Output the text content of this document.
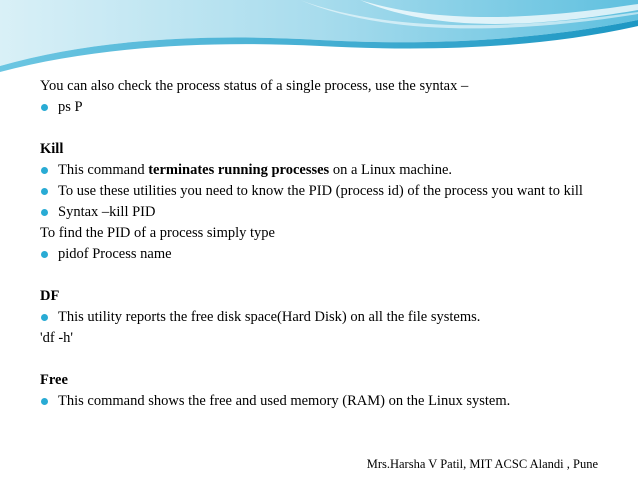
You can also check the process status of a single process, use the syntax –
ps P
Kill
This command terminates running processes on a Linux machine.
To use these utilities you need to know the PID (process id) of the process you want to kill
Syntax –kill PID
To find the PID of a process simply type
pidof Process name
DF
This utility reports the free disk space(Hard Disk) on all the file systems.
'df -h'
Free
This command shows the free and used memory (RAM) on the Linux system.
Mrs.Harsha V Patil, MIT ACSC Alandi , Pune
